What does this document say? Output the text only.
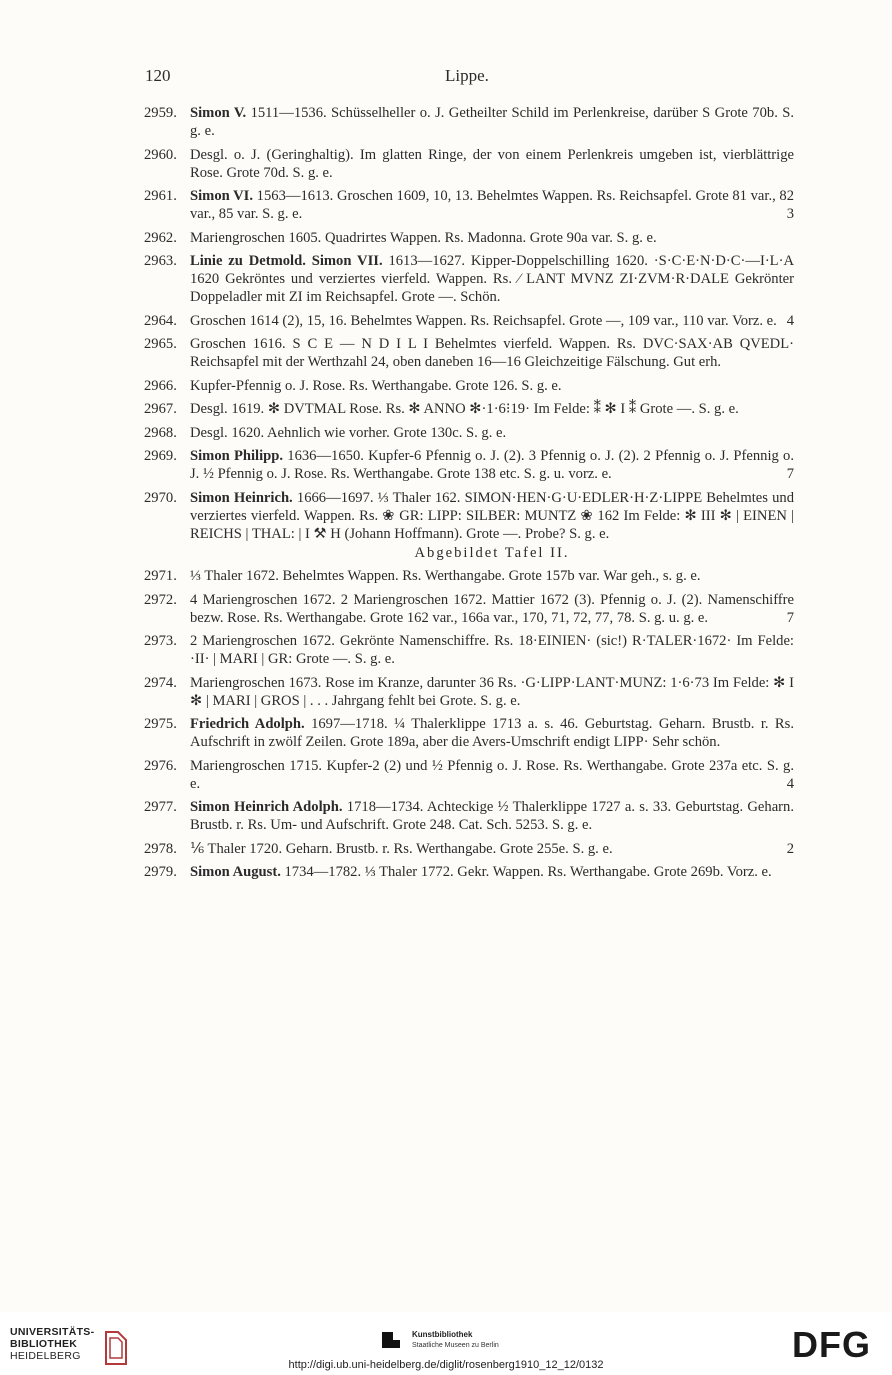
120	Lippe.
2959. Simon V. 1511—1536. Schüsselheller o. J. Getheilter Schild im Perlenkreise, darüber S Grote 70b. S. g. e.
2960. Desgl. o. J. (Geringhaltig). Im glatten Ringe, der von einem Perlenkreis umgeben ist, vierblättrige Rose. Grote 70d. S. g. e.
2961. Simon VI. 1563—1613. Groschen 1609, 10, 13. Behelmtes Wappen. Rs. Reichsapfel. Grote 81 var., 82 var., 85 var. S. g. e.	3
2962. Mariengroschen 1605. Quadrirtes Wappen. Rs. Madonna. Grote 90a var. S. g. e.
2963. Linie zu Detmold. Simon VII. 1613—1627. Kipper-Doppelschilling 1620. ·S·C·E·N·D·C·—I·L·A 1620 Gekröntes und verziertes vierfeld. Wappen. Rs. ⁄ LANT MVNZ ZI·ZVM·R·DALE Gekrönter Doppeladler mit ZI im Reichsapfel. Grote —. Schön.
2964. Groschen 1614 (2), 15, 16. Behelmtes Wappen. Rs. Reichsapfel. Grote —, 109 var., 110 var. Vorz. e. 4
2965. Groschen 1616. S C E — N D I L I Behelmtes vierfeld. Wappen. Rs. DVC·SAX·AB QVEDL· Reichsapfel mit der Werthzahl 24, oben daneben 16—16 Gleichzeitige Fälschung. Gut erh.
2966. Kupfer-Pfennig o. J. Rose. Rs. Werthangabe. Grote 126. S. g. e.
2967. Desgl. 1619. ✻ DVTMAL Rose. Rs. ✻ ANNO ✻·1·6⁝19· Im Felde: ⁑ ✻ I ⁑ Grote —. S. g. e.
2968. Desgl. 1620. Aehnlich wie vorher. Grote 130c. S. g. e.
2969. Simon Philipp. 1636—1650. Kupfer-6 Pfennig o. J. (2). 3 Pfennig o. J. (2). 2 Pfennig o. J. Pfennig o. J. ½ Pfennig o. J. Rose. Rs. Werthangabe. Grote 138 etc. S. g. u. vorz. e.	7
2970. Simon Heinrich. 1666—1697. ⅓ Thaler 162. SIMON·HEN·G·U·EDLER·H·Z·LIPPE Behelmtes und verziertes vierfeld. Wappen. Rs. ❀ GR: LIPP: SILBER: MUNTZ ❀ 162 Im Felde: ✻ III ✻ | EINEN | REICHS | THAL: | I ⚒ H (Johann Hoffmann). Grote —. Probe? S. g. e.
Abgebildet Tafel II.
2971. ⅓ Thaler 1672. Behelmtes Wappen. Rs. Werthangabe. Grote 157b var. War geh., s. g. e.
2972. 4 Mariengroschen 1672. 2 Mariengroschen 1672. Mattier 1672 (3). Pfennig o. J. (2). Namenschiffre bezw. Rose. Rs. Werthangabe. Grote 162 var., 166a var., 170, 71, 72, 77, 78. S. g. u. g. e.	7
2973. 2 Mariengroschen 1672. Gekrönte Namenschiffre. Rs. 18·EINIEN· (sic!) R·TALER·1672· Im Felde: ·II· | MARI | GR: Grote —. S. g. e.
2974. Mariengroschen 1673. Rose im Kranze, darunter 36 Rs. ·G·LIPP·LANT·MUNZ: 1·6·73 Im Felde: ✻ I ✻ | MARI | GROS | . . . Jahrgang fehlt bei Grote. S. g. e.
2975. Friedrich Adolph. 1697—1718. ¼ Thalerklippe 1713 a. s. 46. Geburtstag. Geharn. Brustb. r. Rs. Aufschrift in zwölf Zeilen. Grote 189a, aber die Avers-Umschrift endigt LIPP· Sehr schön.
2976. Mariengroschen 1715. Kupfer-2 (2) und ½ Pfennig o. J. Rose. Rs. Werthangabe. Grote 237a etc. S. g. e.	4
2977. Simon Heinrich Adolph. 1718—1734. Achteckige ½ Thalerklippe 1727 a. s. 33. Geburtstag. Geharn. Brustb. r. Rs. Um- und Aufschrift. Grote 248. Cat. Sch. 5253. S. g. e.
2978. ⅙ Thaler 1720. Geharn. Brustb. r. Rs. Werthangabe. Grote 255e. S. g. e.	2
2979. Simon August. 1734—1782. ⅓ Thaler 1772. Gekr. Wappen. Rs. Werthangabe. Grote 269b. Vorz. e.
UNIVERSITÄTS-
BIBLIOTHEK
HEIDELBERG
Kunstbibliothek
Staatliche Museen zu Berlin	DFG
http://digi.ub.uni-heidelberg.de/diglit/rosenberg1910_12_12/0132
